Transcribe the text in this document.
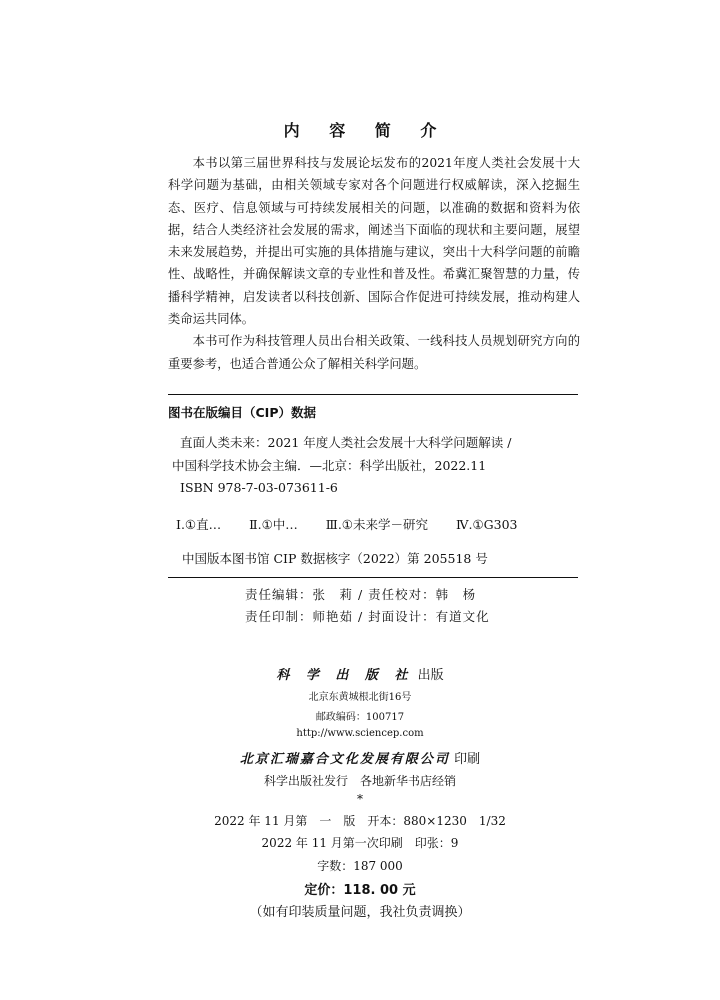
内 容 简 介

本书以第三届世界科技与发展论坛发布的2021年度人类社会发展十大科学问题为基础，由相关领域专家对各个问题进行权威解读，深入挖掘生态、医疗、信息领域与可持续发展相关的问题，以准确的数据和资料为依据，结合人类经济社会发展的需求，阐述当下面临的现状和主要问题，展望未来发展趋势，并提出可实施的具体措施与建议，突出十大科学问题的前瞻性、战略性，并确保解读文章的专业性和普及性。希冀汇聚智慧的力量，传播科学精神，启发读者以科技创新、国际合作促进可持续发展，推动构建人类命运共同体。

本书可作为科技管理人员出台相关政策、一线科技人员规划研究方向的重要参考，也适合普通公众了解相关科学问题。

图书在版编目（CIP）数据
直面人类未来：2021 年度人类社会发展十大科学问题解读 /
中国科学技术协会主编．—北京：科学出版社，2022.11
ISBN 978-7-03-073611-6
Ⅰ.①直… Ⅱ.①中… Ⅲ.①未来学－研究 Ⅳ.①G303
中国版本图书馆 CIP 数据核字（2022）第 205518 号
责任编辑：张　莉 / 责任校对：韩　杨
责任印制：师艳茹 / 封面设计：有道文化
科 学 出 版 社 出版
北京东黄城根北街16号
邮政编码：100717
http://www.sciencep.com
北京汇瑞嘉合文化发展有限公司 印刷
科学出版社发行　各地新华书店经销
*
2022 年 11 月第　一　版　开本：880×1230　1/32
2022 年 11 月第一次印刷　印张：9
字数：187 000
定价：118. 00 元
（如有印装质量问题，我社负责调换）
